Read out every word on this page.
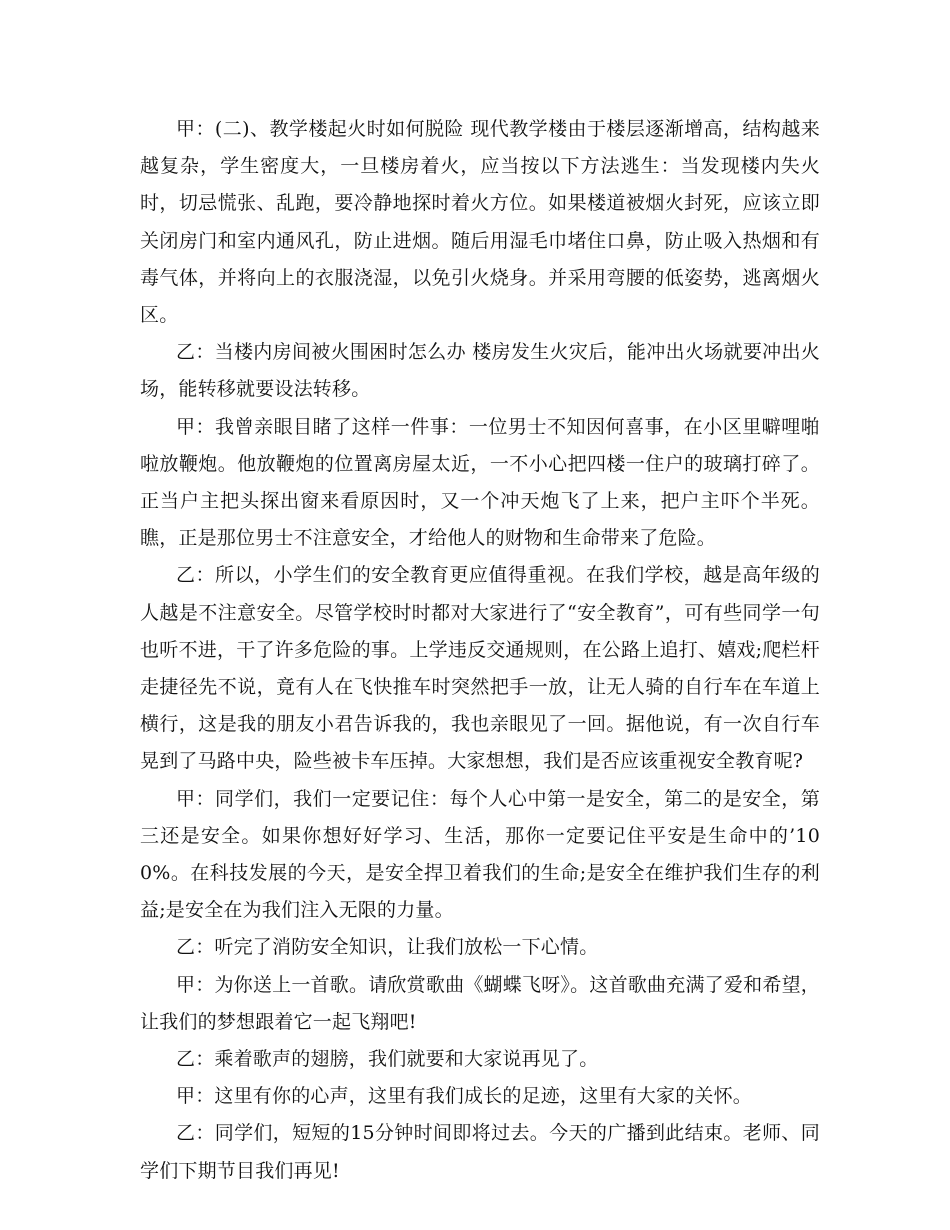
甲：(二)、教学楼起火时如何脱险 现代教学楼由于楼层逐渐增高，结构越来越复杂，学生密度大，一旦楼房着火，应当按以下方法逃生：当发现楼内失火时，切忌慌张、乱跑，要冷静地探时着火方位。如果楼道被烟火封死，应该立即关闭房门和室内通风孔，防止进烟。随后用湿毛巾堵住口鼻，防止吸入热烟和有毒气体，并将向上的衣服浇湿，以免引火烧身。并采用弯腰的低姿势，逃离烟火区。

乙：当楼内房间被火围困时怎么办 楼房发生火灾后，能冲出火场就要冲出火场，能转移就要设法转移。

甲：我曾亲眼目睹了这样一件事：一位男士不知因何喜事，在小区里噼哩啪啦放鞭炮。他放鞭炮的位置离房屋太近，一不小心把四楼一住户的玻璃打碎了。正当户主把头探出窗来看原因时，又一个冲天炮飞了上来，把户主吓个半死。瞧，正是那位男士不注意安全，才给他人的财物和生命带来了危险。

乙：所以，小学生们的安全教育更应值得重视。在我们学校，越是高年级的人越是不注意安全。尽管学校时时都对大家进行了“安全教育”，可有些同学一句也听不进，干了许多危险的事。上学违反交通规则，在公路上追打、嬉戏;爬栏杆走捷径先不说，竟有人在飞快推车时突然把手一放，让无人骑的自行车在车道上横行，这是我的朋友小君告诉我的，我也亲眼见了一回。据他说，有一次自行车晃到了马路中央，险些被卡车压掉。大家想想，我们是否应该重视安全教育呢?

甲：同学们，我们一定要记住：每个人心中第一是安全，第二的是安全，第三还是安全。如果你想好好学习、生活，那你一定要记住平安是生命中的’100%。在科技发展的今天，是安全捍卫着我们的生命;是安全在维护我们生存的利益;是安全在为我们注入无限的力量。

乙：听完了消防安全知识，让我们放松一下心情。

甲：为你送上一首歌。请欣赏歌曲《蝴蝶飞呀》。这首歌曲充满了爱和希望，让我们的梦想跟着它一起飞翔吧!

乙：乘着歌声的翅膀，我们就要和大家说再见了。

甲：这里有你的心声，这里有我们成长的足迹，这里有大家的关怀。

乙：同学们，短短的15分钟时间即将过去。今天的广播到此结束。老师、同学们下期节目我们再见!
